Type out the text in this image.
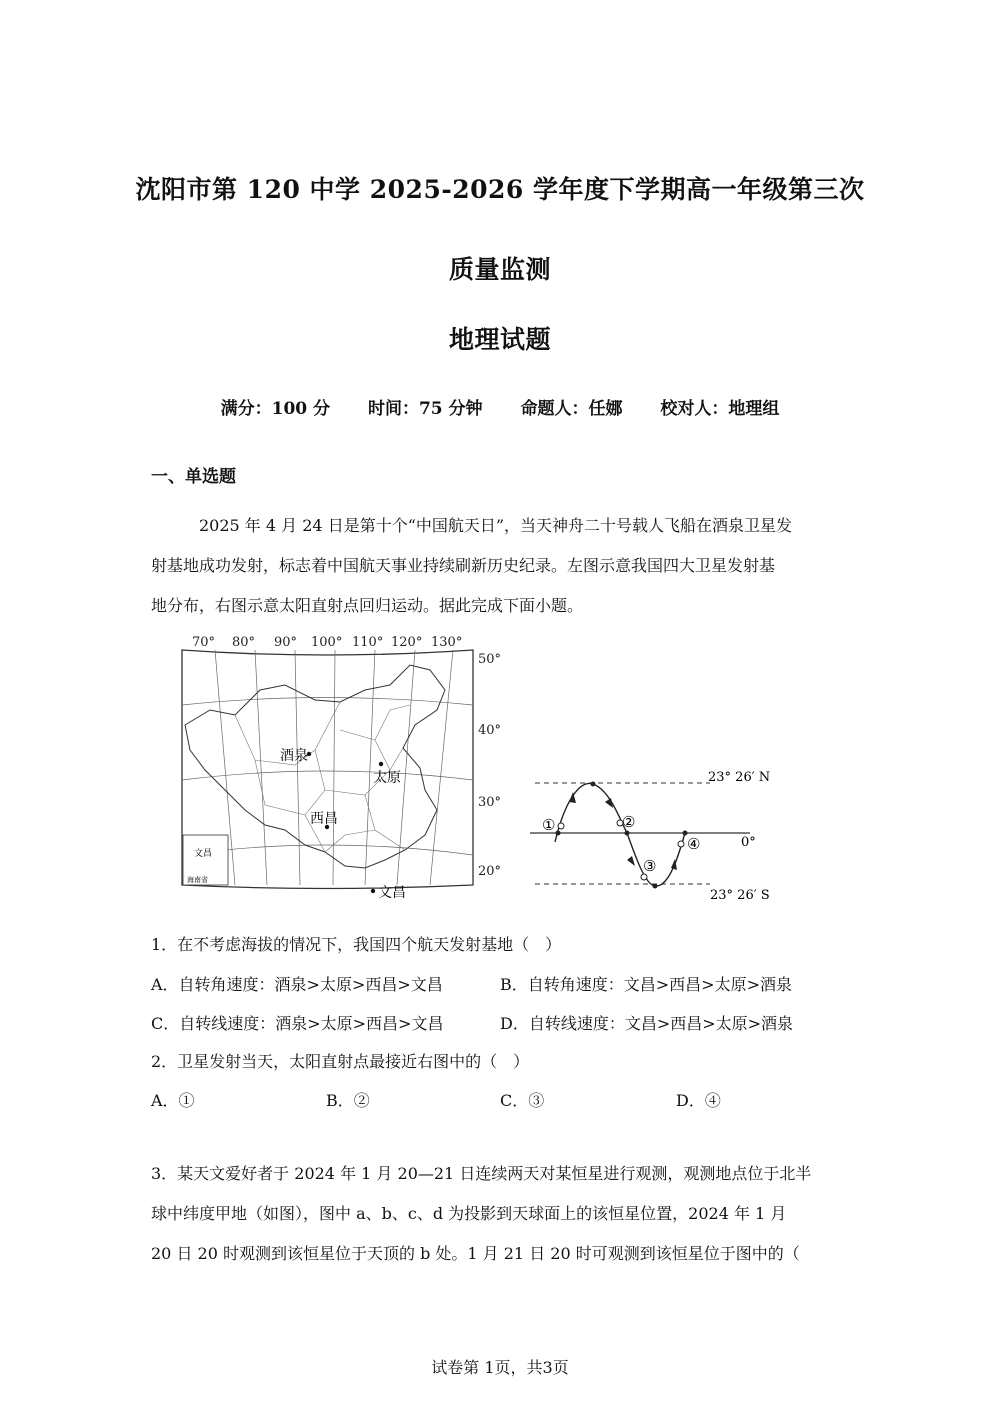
沈阳市第 120 中学 2025-2026 学年度下学期高一年级第三次
质量监测
地理试题
满分：100 分 时间：75 分钟 命题人：任娜 校对人：地理组
一、单选题
2025 年 4 月 24 日是第十个“中国航天日”，当天神舟二十号载人飞船在酒泉卫星发
射基地成功发射，标志着中国航天事业持续刷新历史纪录。左图示意我国四大卫星发射基
地分布，右图示意太阳直射点回归运动。据此完成下面小题。
70° 80° 90° 100° 110° 120° 130°
50°
40°
30°
20°
文昌
海南省
酒泉
太原
西昌
文昌
23° 26′ N
0°
23° 26′ S
①	②
③
④
1．在不考虑海拔的情况下，我国四个航天发射基地（　）
A．自转角速度：酒泉>太原>西昌>文昌	B．自转角速度：文昌>西昌>太原>酒泉
C．自转线速度：酒泉>太原>西昌>文昌	D．自转线速度：文昌>西昌>太原>酒泉
2．卫星发射当天，太阳直射点最接近右图中的（　）
A．①	B．②	C．③	D．④
3．某天文爱好者于 2024 年 1 月 20—21 日连续两天对某恒星进行观测，观测地点位于北半
球中纬度甲地（如图），图中 a、b、c、d 为投影到天球面上的该恒星位置，2024 年 1 月
20 日 20 时观测到该恒星位于天顶的 b 处。1 月 21 日 20 时可观测到该恒星位于图中的（
试卷第 1页，共3页
